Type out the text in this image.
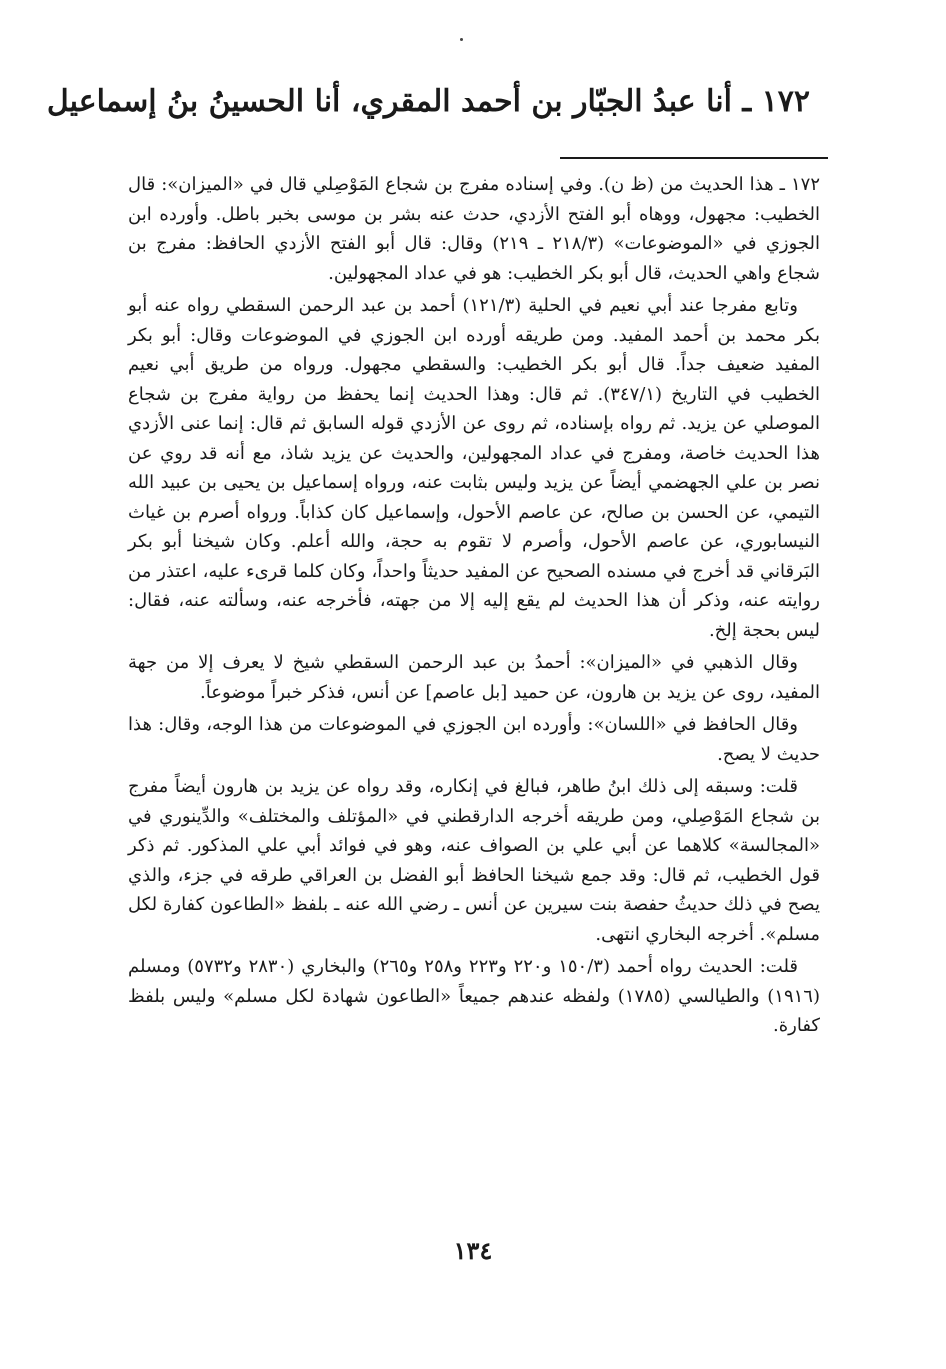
١٧٢ ـ أنا عبدُ الجبّار بن أحمد المقري، أنا الحسينُ بنُ إسماعيل

١٧٢ ـ هذا الحديث من (ظ ن). وفي إسناده مفرج بن شجاع المَوْصِلي قال في «الميزان»: قال الخطيب: مجهول، ووهاه أبو الفتح الأزدي، حدث عنه بشر بن موسى بخبر باطل. وأورده ابن الجوزي في «الموضوعات» (٢١٨/٣ ـ ٢١٩) وقال: قال أبو الفتح الأزدي الحافظ: مفرج بن شجاع واهي الحديث، قال أبو بكر الخطيب: هو في عداد المجهولين.

وتابع مفرجا عند أبي نعيم في الحلية (١٢١/٣) أحمد بن عبد الرحمن السقطي رواه عنه أبو بكر محمد بن أحمد المفيد. ومن طريقه أورده ابن الجوزي في الموضوعات وقال: أبو بكر المفيد ضعيف جداً. قال أبو بكر الخطيب: والسقطي مجهول. ورواه من طريق أبي نعيم الخطيب في التاريخ (٣٤٧/١). ثم قال: وهذا الحديث إنما يحفظ من رواية مفرج بن شجاع الموصلي عن يزيد. ثم رواه بإسناده، ثم روى عن الأزدي قوله السابق ثم قال: إنما عنى الأزدي هذا الحديث خاصة، ومفرج في عداد المجهولين، والحديث عن يزيد شاذ، مع أنه قد روي عن نصر بن علي الجهضمي أيضاً عن يزيد وليس بثابت عنه، ورواه إسماعيل بن يحيى بن عبيد الله التيمي، عن الحسن بن صالح، عن عاصم الأحول، وإسماعيل كان كذاباً. ورواه أصرم بن غياث النيسابوري، عن عاصم الأحول، وأصرم لا تقوم به حجة، والله أعلم. وكان شيخنا أبو بكر البَرقاني قد أخرج في مسنده الصحيح عن المفيد حديثاً واحداً، وكان كلما قرىء عليه، اعتذر من روايته عنه، وذكر أن هذا الحديث لم يقع إليه إلا من جهته، فأخرجه عنه، وسألته عنه، فقال: ليس بحجة إلخ.

وقال الذهبي في «الميزان»: أحمدُ بن عبد الرحمن السقطي شيخ لا يعرف إلا من جهة المفيد، روى عن يزيد بن هارون، عن حميد [بل عاصم] عن أنس، فذكر خبراً موضوعاً.

وقال الحافظ في «اللسان»: وأورده ابن الجوزي في الموضوعات من هذا الوجه، وقال: هذا حديث لا يصح.

قلت: وسبقه إلى ذلك ابنُ طاهر، فبالغ في إنكاره، وقد رواه عن يزيد بن هارون أيضاً مفرج بن شجاع المَوْصِلي، ومن طريقه أخرجه الدارقطني في «المؤتلف والمختلف» والدِّينوري في «المجالسة» كلاهما عن أبي علي بن الصواف عنه، وهو في فوائد أبي علي المذكور. ثم ذكر قول الخطيب، ثم قال: وقد جمع شيخنا الحافظ أبو الفضل بن العراقي طرقه في جزء، والذي يصح في ذلك حديثُ حفصة بنت سيرين عن أنس ـ رضي الله عنه ـ بلفظ «الطاعون كفارة لكل مسلم». أخرجه البخاري انتهى.

قلت: الحديث رواه أحمد (١٥٠/٣ و٢٢٠ و٢٢٣ و٢٥٨ و٢٦٥) والبخاري (٢٨٣٠ و٥٧٣٢) ومسلم (١٩١٦) والطيالسي (١٧٨٥) ولفظه عندهم جميعاً «الطاعون شهادة لكل مسلم» وليس بلفظ كفارة.

١٣٤
